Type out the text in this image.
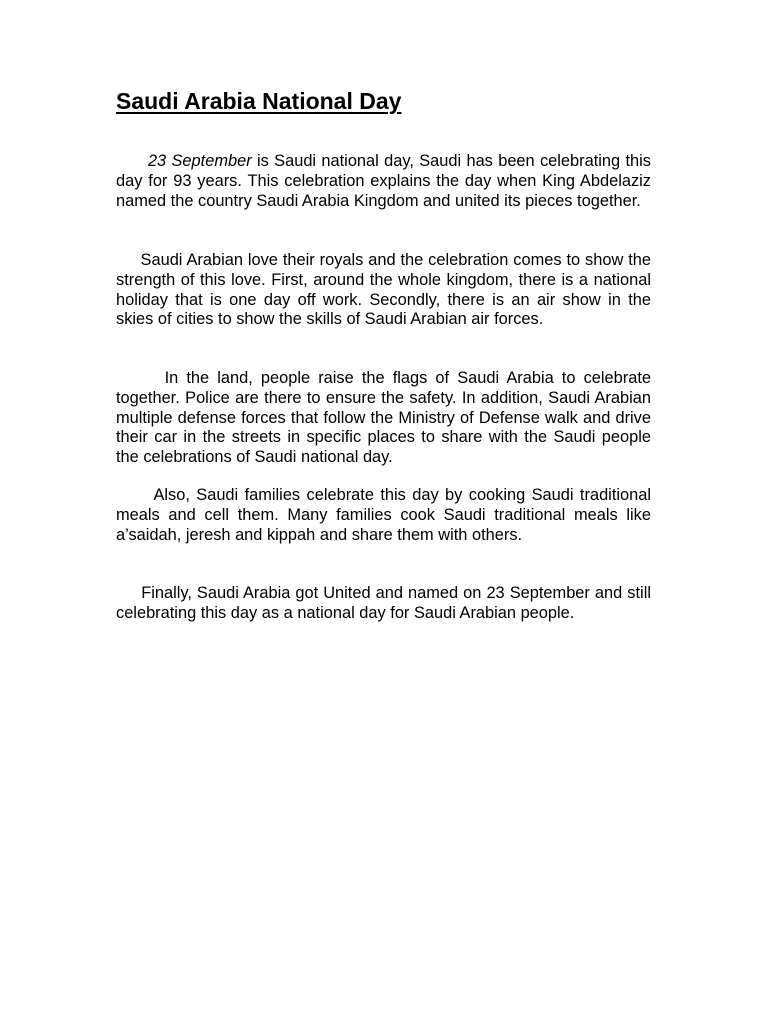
Saudi Arabia National Day

23 September is Saudi national day, Saudi has been celebrating this day for 93 years. This celebration explains the day when King Abdelaziz named the country Saudi Arabia Kingdom and united its pieces together.

Saudi Arabian love their royals and the celebration comes to show the strength of this love. First, around the whole kingdom, there is a national holiday that is one day off work. Secondly, there is an air show in the skies of cities to show the skills of Saudi Arabian air forces.

In the land, people raise the flags of Saudi Arabia to celebrate together. Police are there to ensure the safety. In addition, Saudi Arabian multiple defense forces that follow the Ministry of Defense walk and drive their car in the streets in specific places to share with the Saudi people the celebrations of Saudi national day.

Also, Saudi families celebrate this day by cooking Saudi traditional meals and cell them. Many families cook Saudi traditional meals like a’saidah, jeresh and kippah and share them with others.

Finally, Saudi Arabia got United and named on 23 September and still celebrating this day as a national day for Saudi Arabian people.
